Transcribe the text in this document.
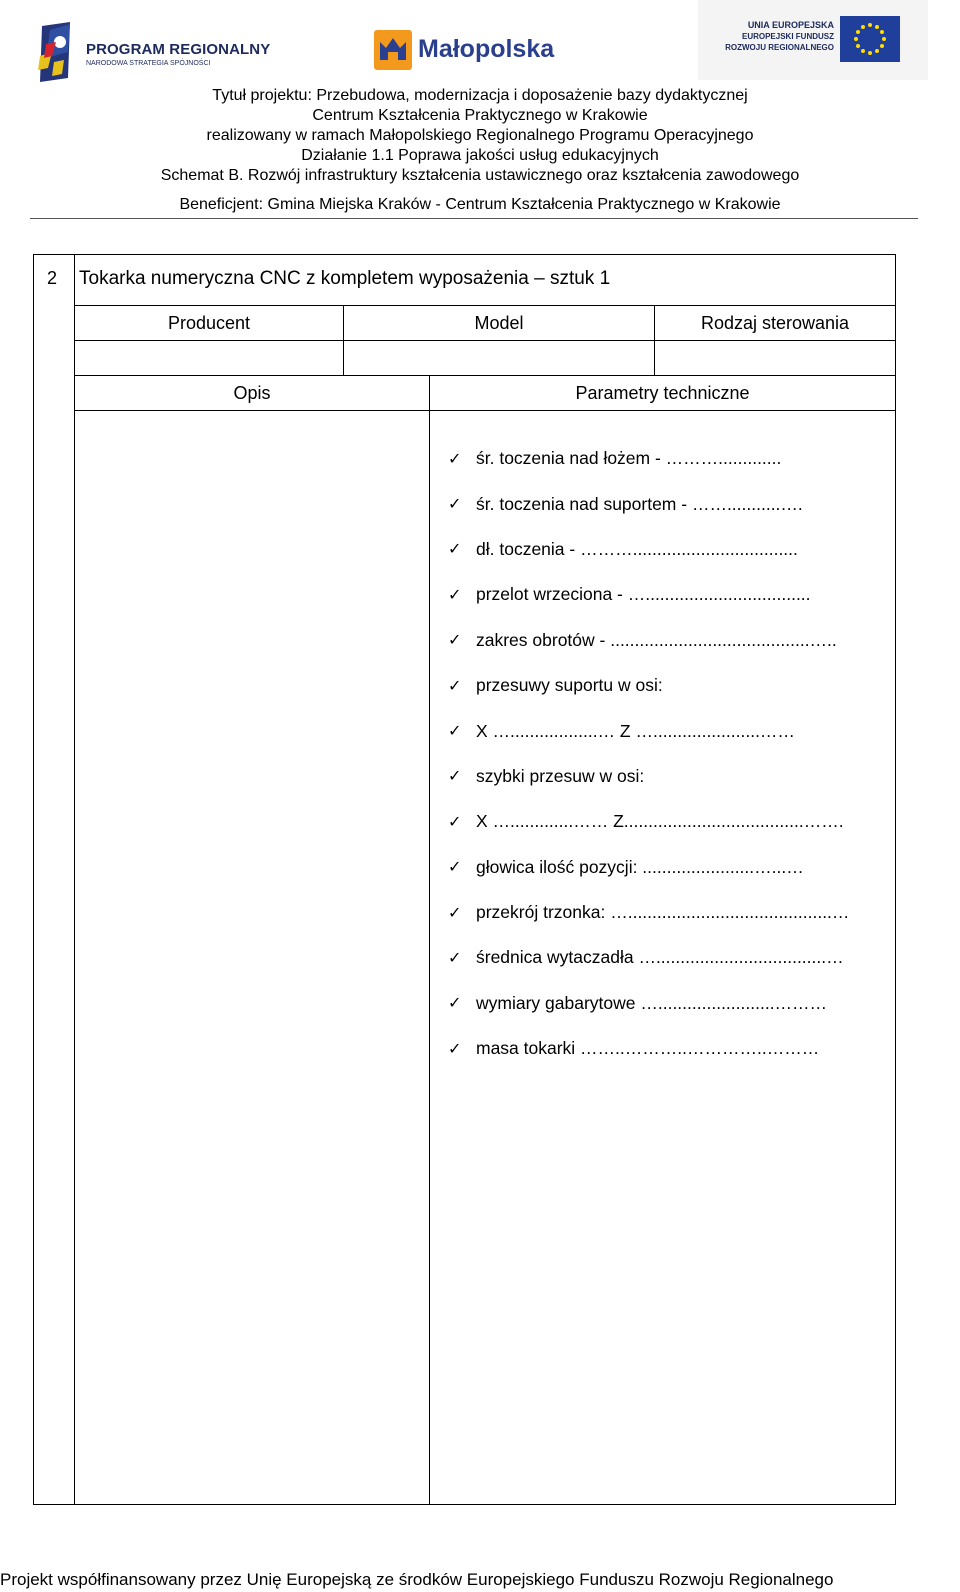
PROGRAM REGIONALNY
NARODOWA STRATEGIA SPÓJNOŚCI
Małopolska
UNIA EUROPEJSKA
EUROPEJSKI FUNDUSZ
ROZWOJU REGIONALNEGO
Tytuł projektu: Przebudowa, modernizacja i doposażenie bazy dydaktycznej
Centrum Kształcenia Praktycznego w Krakowie
realizowany w ramach Małopolskiego Regionalnego Programu Operacyjnego
Działanie 1.1 Poprawa jakości usług edukacyjnych
Schemat B. Rozwój infrastruktury kształcenia ustawicznego oraz kształcenia zawodowego
Beneficjent: Gmina Miejska Kraków - Centrum Kształcenia Praktycznego w Krakowie
2 Tokarka numeryczna CNC z kompletem wyposażenia – sztuk 1
Producent	Model	Rodzaj sterowania
Opis	Parametry techniczne
✓ śr. toczenia nad łożem - ……….............
✓ śr. toczenia nad suportem - ……...........….
✓ dł. toczenia - ………..................................
✓ przelot wrzeciona - …..................................
✓ zakres obrotów - .........................................…..
✓ przesuwy suportu w osi:
✓ X …..................… Z …......................……
✓ szybki przesuw w osi:
✓ X ….............…… Z.....................................…….
✓ głowica ilość pozycji: .......................…...…
✓ przekrój trzonka: …..........................................…
✓ średnica wytaczadła …...................................…
✓ wymiary gabarytowe …........................………
✓ masa tokarki ……..………..…………..………
Projekt współfinansowany przez Unię Europejską ze środków Europejskiego Funduszu Rozwoju Regionalnego
